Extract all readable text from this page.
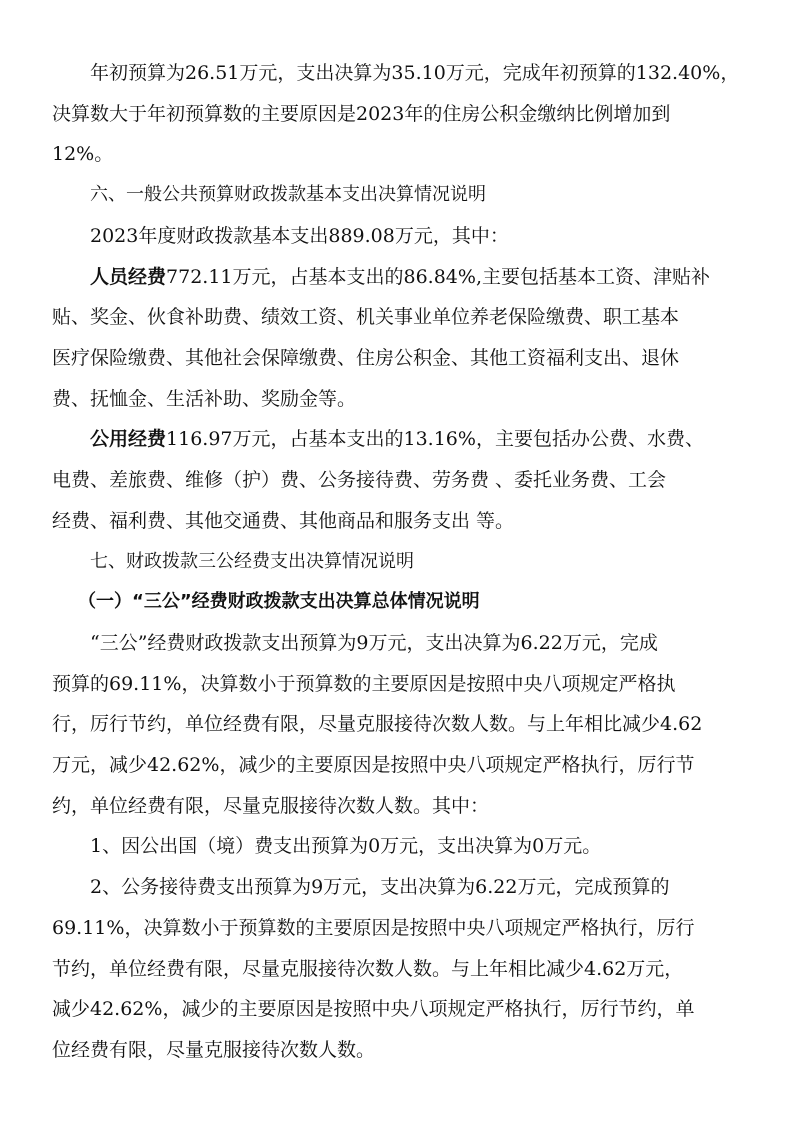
年初预算为26.51万元，支出决算为35.10万元，完成年初预算的132.40%，
决算数大于年初预算数的主要原因是2023年的住房公积金缴纳比例增加到
12%。
六、一般公共预算财政拨款基本支出决算情况说明
2023年度财政拨款基本支出889.08万元，其中：
人员经费772.11万元，占基本支出的86.84%,主要包括基本工资、津贴补
贴、奖金、伙食补助费、绩效工资、机关事业单位养老保险缴费、职工基本
医疗保险缴费、其他社会保障缴费、住房公积金、其他工资福利支出、退休
费、抚恤金、生活补助、奖励金等。
公用经费116.97万元，占基本支出的13.16%，主要包括办公费、水费、
电费、差旅费、维修（护）费、公务接待费、劳务费 、委托业务费、工会
经费、福利费、其他交通费、其他商品和服务支出 等。
七、财政拨款三公经费支出决算情况说明
（一）“三公”经费财政拨款支出决算总体情况说明
“三公”经费财政拨款支出预算为9万元，支出决算为6.22万元，完成
预算的69.11%，决算数小于预算数的主要原因是按照中央八项规定严格执
行，厉行节约，单位经费有限，尽量克服接待次数人数。与上年相比减少4.62
万元，减少42.62%，减少的主要原因是按照中央八项规定严格执行，厉行节
约，单位经费有限，尽量克服接待次数人数。其中：
1、因公出国（境）费支出预算为0万元，支出决算为0万元。
2、公务接待费支出预算为9万元，支出决算为6.22万元，完成预算的
69.11%，决算数小于预算数的主要原因是按照中央八项规定严格执行，厉行
节约，单位经费有限，尽量克服接待次数人数。与上年相比减少4.62万元，
减少42.62%，减少的主要原因是按照中央八项规定严格执行，厉行节约，单
位经费有限，尽量克服接待次数人数。
